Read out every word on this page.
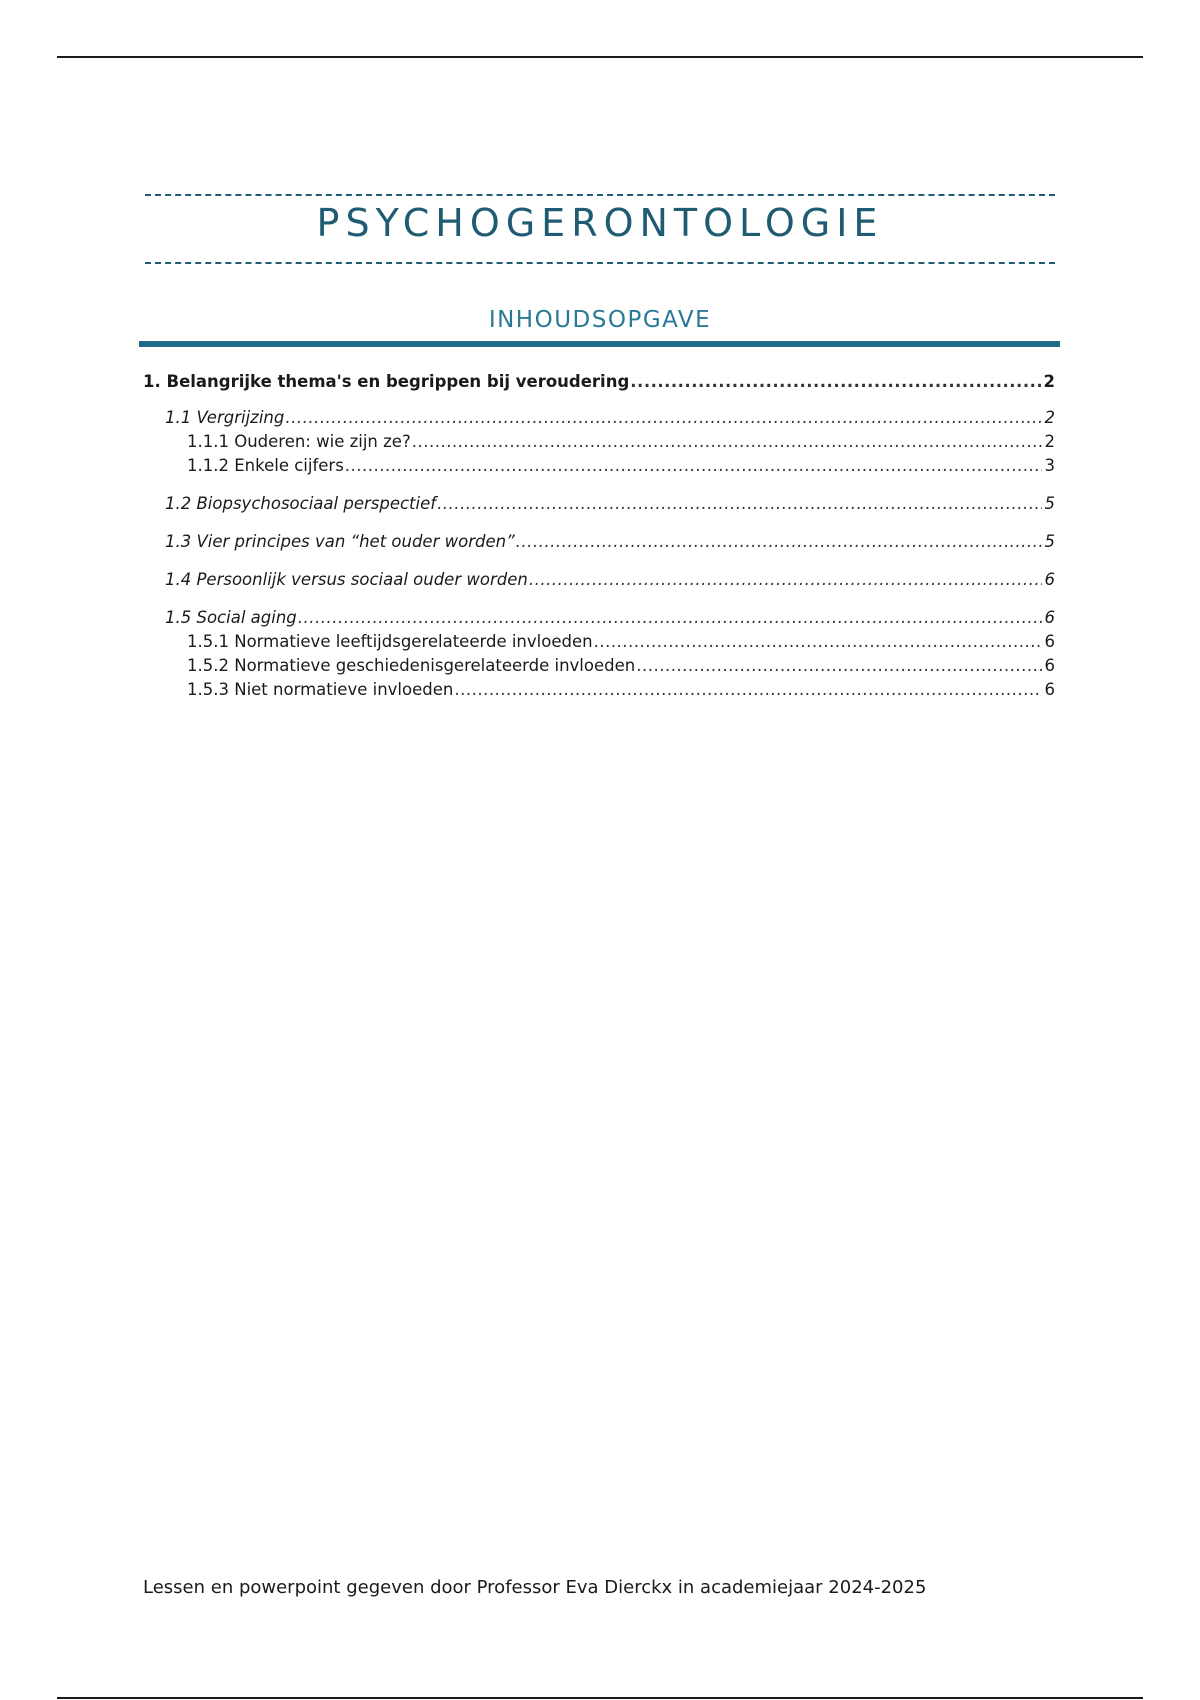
PSYCHOGERONTOLOGIE
INHOUDSOPGAVE
1. Belangrijke thema's en begrippen bij veroudering .....	2
1.1 Vergrijzing .....	2
1.1.1 Ouderen: wie zijn ze? .....	2
1.1.2 Enkele cijfers .....	3
1.2 Biopsychosociaal perspectief .....	5
1.3 Vier principes van “het ouder worden” .....	5
1.4 Persoonlijk versus sociaal ouder worden .....	6
1.5 Social aging .....	6
1.5.1 Normatieve leeftijdsgerelateerde invloeden .....	6
1.5.2 Normatieve geschiedenisgerelateerde invloeden .....	6
1.5.3 Niet normatieve invloeden .....	6
Lessen en powerpoint gegeven door Professor Eva Dierckx in academiejaar 2024-2025
